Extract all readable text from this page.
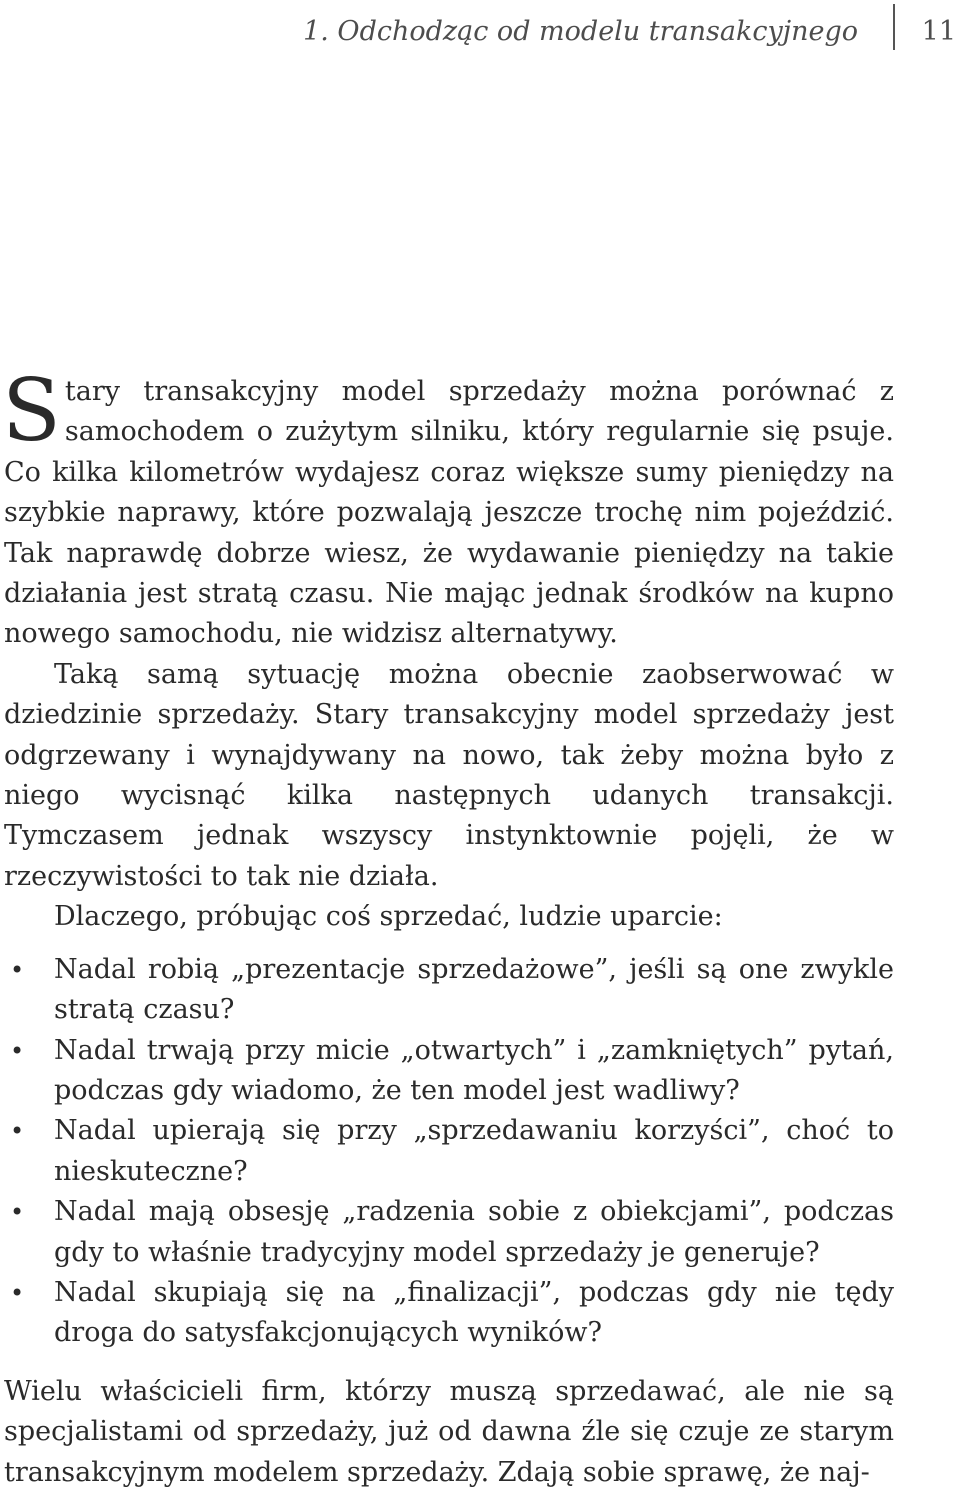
1. Odchodząc od modelu transakcyjnego 11

Stary transakcyjny model sprzedaży można porównać z samochodem o zużytym silniku, który regularnie się psuje. Co kilka kilometrów wydajesz coraz większe sumy pieniędzy na szybkie naprawy, które pozwalają jeszcze trochę nim pojeździć. Tak naprawdę dobrze wiesz, że wydawanie pieniędzy na takie działania jest stratą czasu. Nie mając jednak środków na kupno nowego samochodu, nie widzisz alternatywy.

Taką samą sytuację można obecnie zaobserwować w dziedzinie sprzedaży. Stary transakcyjny model sprzedaży jest odgrzewany i wynajdywany na nowo, tak żeby można było z niego wycisnąć kilka następnych udanych transakcji. Tymczasem jednak wszyscy instynktownie pojęli, że w rzeczywistości to tak nie działa.

Dlaczego, próbując coś sprzedać, ludzie uparcie:

• Nadal robią „prezentacje sprzedażowe”, jeśli są one zwykle stratą czasu?
• Nadal trwają przy micie „otwartych” i „zamkniętych” pytań, podczas gdy wiadomo, że ten model jest wadliwy?
• Nadal upierają się przy „sprzedawaniu korzyści”, choć to nieskuteczne?
• Nadal mają obsesję „radzenia sobie z obiekcjami”, podczas gdy to właśnie tradycyjny model sprzedaży je generuje?
• Nadal skupiają się na „finalizacji”, podczas gdy nie tędy droga do satysfakcjonujących wyników?

Wielu właścicieli firm, którzy muszą sprzedawać, ale nie są specjalistami od sprzedaży, już od dawna źle się czuje ze starym transakcyjnym modelem sprzedaży. Zdają sobie sprawę, że naj-
